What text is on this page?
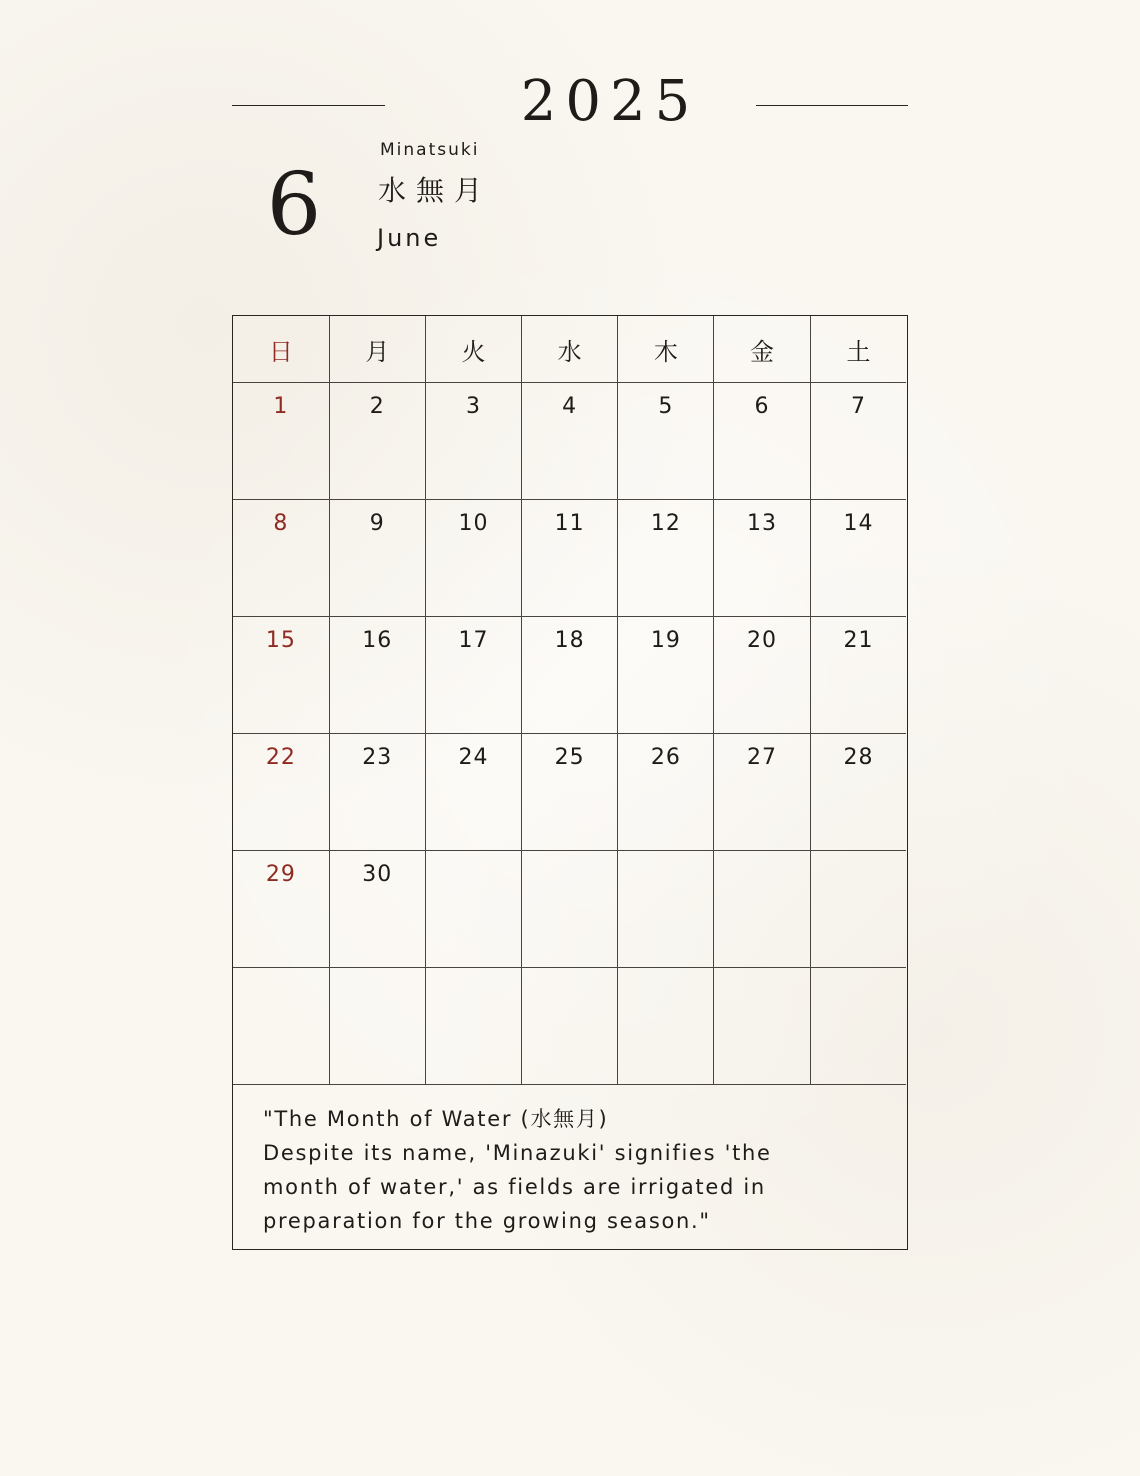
2025
6
Minatsuki
水無月
June
日	月	火	水	木	金	土

1	2	3	4	5	6	7

8	9	10	11	12	13	14

15	16	17	18	19	20	21

22	23	24	25	26	27	28

29	30					

"The Month of Water (水無月)
Despite its name, 'Minazuki' signifies 'the
month of water,' as fields are irrigated in
preparation for the growing season."
